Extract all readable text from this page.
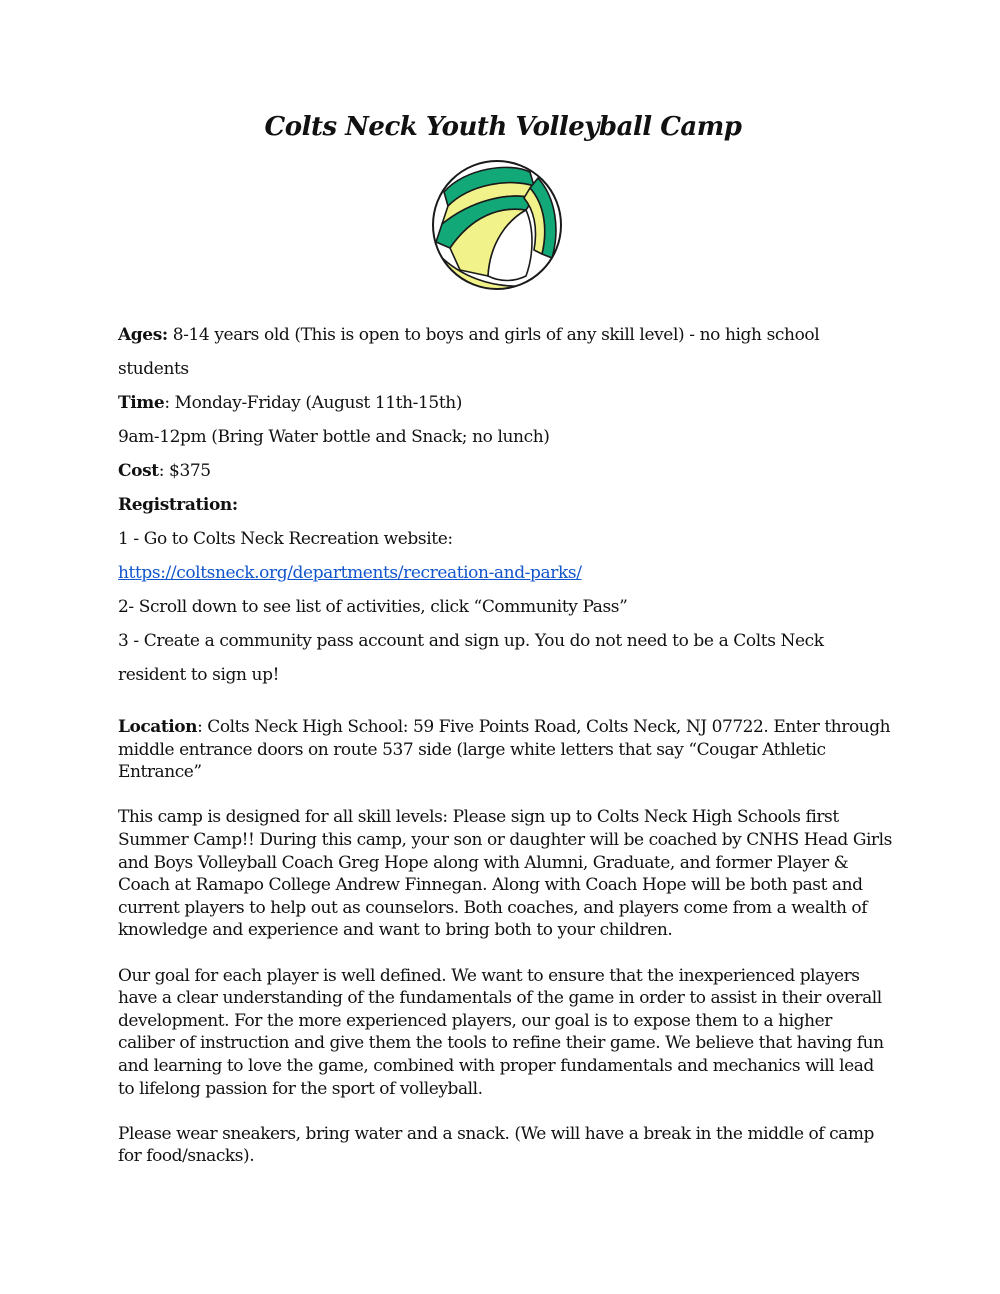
Colts Neck Youth Volleyball Camp

Ages: 8-14 years old (This is open to boys and girls of any skill level) - no high school students

Time: Monday-Friday (August 11th-15th)

9am-12pm (Bring Water bottle and Snack; no lunch)

Cost: $375

Registration:

1 - Go to Colts Neck Recreation website:

https://coltsneck.org/departments/recreation-and-parks/

2- Scroll down to see list of activities, click “Community Pass”

3 - Create a community pass account and sign up. You do not need to be a Colts Neck resident to sign up!

Location: Colts Neck High School: 59 Five Points Road, Colts Neck, NJ 07722. Enter through middle entrance doors on route 537 side (large white letters that say “Cougar Athletic Entrance”

This camp is designed for all skill levels: Please sign up to Colts Neck High Schools first Summer Camp!! During this camp, your son or daughter will be coached by CNHS Head Girls and Boys Volleyball Coach Greg Hope along with Alumni, Graduate, and former Player & Coach at Ramapo College Andrew Finnegan. Along with Coach Hope will be both past and current players to help out as counselors. Both coaches, and players come from a wealth of knowledge and experience and want to bring both to your children.

Our goal for each player is well defined. We want to ensure that the inexperienced players have a clear understanding of the fundamentals of the game in order to assist in their overall development. For the more experienced players, our goal is to expose them to a higher caliber of instruction and give them the tools to refine their game. We believe that having fun and learning to love the game, combined with proper fundamentals and mechanics will lead to lifelong passion for the sport of volleyball.

Please wear sneakers, bring water and a snack. (We will have a break in the middle of camp for food/snacks).
